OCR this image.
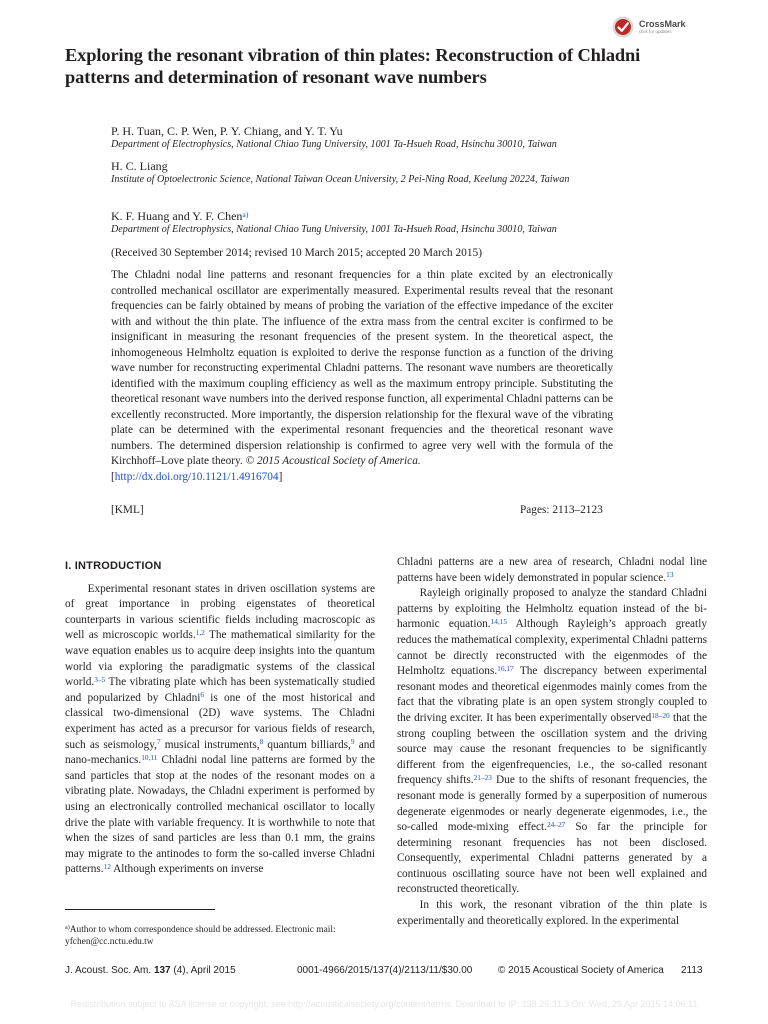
CrossMark
click for updates
Exploring the resonant vibration of thin plates: Reconstruction of Chladni patterns and determination of resonant wave numbers
P. H. Tuan, C. P. Wen, P. Y. Chiang, and Y. T. Yu
Department of Electrophysics, National Chiao Tung University, 1001 Ta-Hsueh Road, Hsinchu 30010, Taiwan
H. C. Liang
Institute of Optoelectronic Science, National Taiwan Ocean University, 2 Pei-Ning Road, Keelung 20224, Taiwan
K. F. Huang and Y. F. Chen$^{a)}$
Department of Electrophysics, National Chiao Tung University, 1001 Ta-Hsueh Road, Hsinchu 30010, Taiwan
(Received 30 September 2014; revised 10 March 2015; accepted 20 March 2015)
The Chladni nodal line patterns and resonant frequencies for a thin plate excited by an electronically controlled mechanical oscillator are experimentally measured. Experimental results reveal that the resonant frequencies can be fairly obtained by means of probing the variation of the effective impedance of the exciter with and without the thin plate. The influence of the extra mass from the central exciter is confirmed to be insignificant in measuring the resonant frequencies of the present system. In the theoretical aspect, the inhomogeneous Helmholtz equation is exploited to derive the response function as a function of the driving wave number for reconstructing experimental Chladni patterns. The resonant wave numbers are theoretically identified with the maximum coupling efficiency as well as the maximum entropy principle. Substituting the theoretical resonant wave numbers into the derived response function, all experimental Chladni patterns can be excellently reconstructed. More importantly, the dispersion relationship for the flexural wave of the vibrating plate can be determined with the experimental resonant frequencies and the theoretical resonant wave numbers. The determined dispersion relationship is confirmed to agree very well with the formula of the Kirchhoff–Love plate theory. © 2015 Acoustical Society of America.
[http://dx.doi.org/10.1121/1.4916704]
[KML]	Pages: 2113–2123
I. INTRODUCTION

Experimental resonant states in driven oscillation systems are of great importance in probing eigenstates of theoretical counterparts in various scientific fields including macroscopic as well as microscopic worlds.$^{1,2}$ The mathematical similarity for the wave equation enables us to acquire deep insights into the quantum world via exploring the paradigmatic systems of the classical world.$^{3-5}$ The vibrating plate which has been systematically studied and popularized by Chladni$^6$ is one of the most historical and classical two-dimensional (2D) wave systems. The Chladni experiment has acted as a precursor for various fields of research, such as seismology,$^7$ musical instruments,$^8$ quantum billiards,$^9$ and nano-mechanics.$^{10,11}$ Chladni nodal line patterns are formed by the sand particles that stop at the nodes of the resonant modes on a vibrating plate. Nowadays, the Chladni experiment is performed by using an electronically controlled mechanical oscillator to locally drive the plate with variable frequency. It is worthwhile to note that when the sizes of sand particles are less than 0.1 mm, the grains may migrate to the antinodes to form the so-called inverse Chladni patterns.$^{12}$ Although experiments on inverse

Chladni patterns are a new area of research, Chladni nodal line patterns have been widely demonstrated in popular science.$^{13}$

Rayleigh originally proposed to analyze the standard Chladni patterns by exploiting the Helmholtz equation instead of the bi-harmonic equation.$^{14,15}$ Although Rayleigh’s approach greatly reduces the mathematical complexity, experimental Chladni patterns cannot be directly reconstructed with the eigenmodes of the Helmholtz equations.$^{16,17}$ The discrepancy between experimental resonant modes and theoretical eigenmodes mainly comes from the fact that the vibrating plate is an open system strongly coupled to the driving exciter. It has been experimentally observed$^{18-20}$ that the strong coupling between the oscillation system and the driving source may cause the resonant frequencies to be significantly different from the eigenfrequencies, i.e., the so-called resonant frequency shifts.$^{21-23}$ Due to the shifts of resonant frequencies, the resonant mode is generally formed by a superposition of numerous degenerate eigenmodes or nearly degenerate eigenmodes, i.e., the so-called mode-mixing effect.$^{24-27}$ So far the principle for determining resonant frequencies has not been disclosed. Consequently, experimental Chladni patterns generated by a continuous oscillating source have not been well explained and reconstructed theoretically.

In this work, the resonant vibration of the thin plate is experimentally and theoretically explored. In the experimental

$^{a)}$Author to whom correspondence should be addressed. Electronic mail: yfchen@cc.nctu.edu.tw
J. Acoust. Soc. Am. 137 (4), April 2015	0001-4966/2015/137(4)/2113/11/$30.00	© 2015 Acoustical Society of America 2113
Redistribution subject to ASA license or copyright; see http://acousticalsociety.org/content/terms. Download to IP: 138.26.31.3 On: Wed, 29 Apr 2015 14:06:11
